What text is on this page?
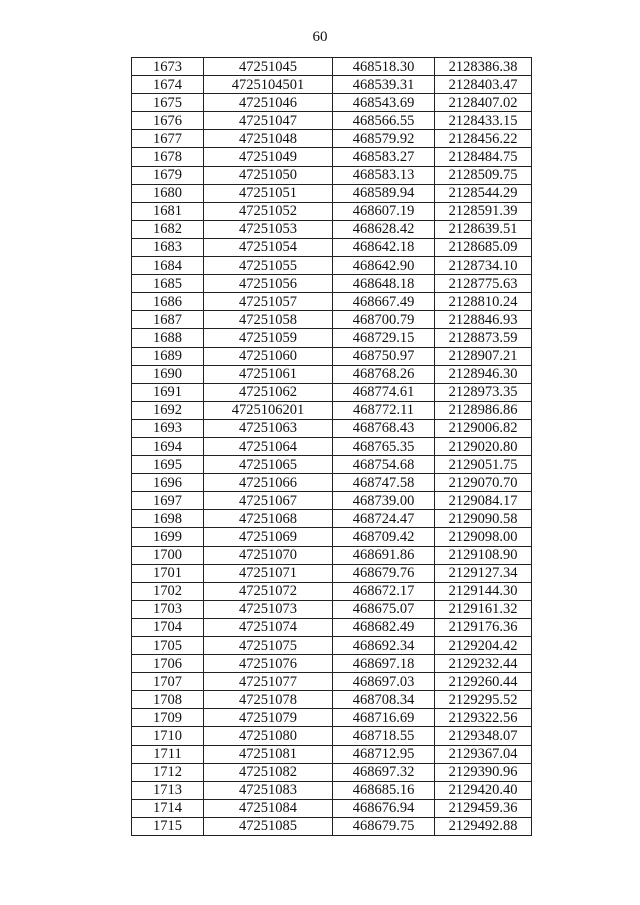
60
1673	47251045	468518.30	2128386.38
1674	4725104501	468539.31	2128403.47
1675	47251046	468543.69	2128407.02
1676	47251047	468566.55	2128433.15
1677	47251048	468579.92	2128456.22
1678	47251049	468583.27	2128484.75
1679	47251050	468583.13	2128509.75
1680	47251051	468589.94	2128544.29
1681	47251052	468607.19	2128591.39
1682	47251053	468628.42	2128639.51
1683	47251054	468642.18	2128685.09
1684	47251055	468642.90	2128734.10
1685	47251056	468648.18	2128775.63
1686	47251057	468667.49	2128810.24
1687	47251058	468700.79	2128846.93
1688	47251059	468729.15	2128873.59
1689	47251060	468750.97	2128907.21
1690	47251061	468768.26	2128946.30
1691	47251062	468774.61	2128973.35
1692	4725106201	468772.11	2128986.86
1693	47251063	468768.43	2129006.82
1694	47251064	468765.35	2129020.80
1695	47251065	468754.68	2129051.75
1696	47251066	468747.58	2129070.70
1697	47251067	468739.00	2129084.17
1698	47251068	468724.47	2129090.58
1699	47251069	468709.42	2129098.00
1700	47251070	468691.86	2129108.90
1701	47251071	468679.76	2129127.34
1702	47251072	468672.17	2129144.30
1703	47251073	468675.07	2129161.32
1704	47251074	468682.49	2129176.36
1705	47251075	468692.34	2129204.42
1706	47251076	468697.18	2129232.44
1707	47251077	468697.03	2129260.44
1708	47251078	468708.34	2129295.52
1709	47251079	468716.69	2129322.56
1710	47251080	468718.55	2129348.07
1711	47251081	468712.95	2129367.04
1712	47251082	468697.32	2129390.96
1713	47251083	468685.16	2129420.40
1714	47251084	468676.94	2129459.36
1715	47251085	468679.75	2129492.88
